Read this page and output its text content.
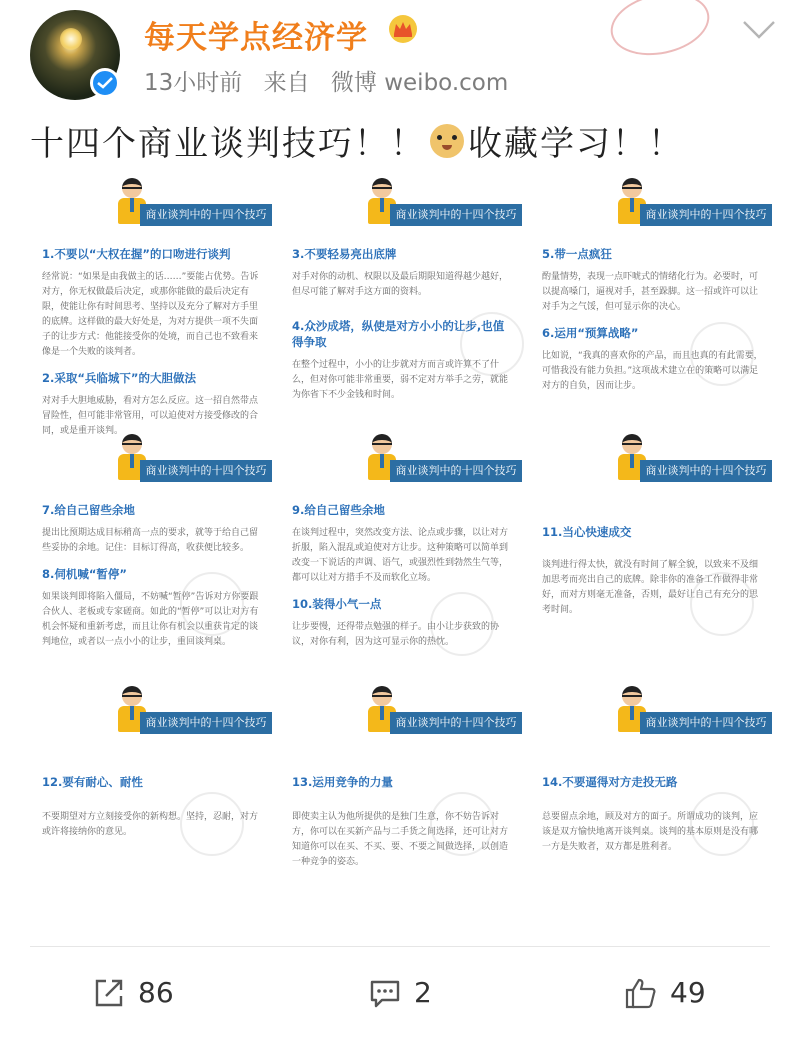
每天学点经济学
13小时前 来自 微博 weibo.com
十四个商业谈判技巧！！ 收藏学习！！
商业谈判中的十四个技巧
1.不要以“大权在握”的口吻进行谈判
经常说：“如果是由我做主的话……”要能占优势。告诉对方，你无权做最后决定，或那你能做的最后决定有限，使能让你有时间思考、坚持以及充分了解对方手里的底牌。这样做的最大好处是，为对方提供一项不失面子的让步方式：他能接受你的处境，而自己也不致看来像是一个失败的谈判者。
2.采取“兵临城下”的大胆做法
对对手大胆地威胁，看对方怎么反应。这一招自然带点冒险性，但可能非常管用，可以迫使对方接受修改的合同，或是重开谈判。
商业谈判中的十四个技巧
7.给自己留些余地
提出比预期达成目标稍高一点的要求，就等于给自己留些妥协的余地。记住：目标订得高，收获便比较多。
8.伺机喊“暂停”
如果谈判即将陷入僵局，不妨喊“暂停”告诉对方你要跟合伙人、老板或专家磋商。如此的“暂停”可以让对方有机会怀疑和重新考虑，而且让你有机会以重获肯定的谈判地位，或者以一点小小的让步，重回谈判桌。
商业谈判中的十四个技巧
12.要有耐心、耐性
不要期望对方立刻接受你的新构想。坚持，忍耐，对方或许将接纳你的意见。
商业谈判中的十四个技巧
3.不要轻易亮出底牌
对手对你的动机、权限以及最后期限知道得越少越好，但尽可能了解对手这方面的资料。
4.众沙成塔，纵使是对方小小的让步,也值得争取
在整个过程中，小小的让步就对方而言或许算不了什么，但对你可能非常重要，弱不定对方举手之劳，就能为你省下不少金钱和时间。
商业谈判中的十四个技巧
9.给自己留些余地
在谈判过程中，突然改变方法、论点或步骤，以让对方折服，陷入混乱或迫使对方让步。这种策略可以简单到改变一下说话的声调、语气，或强烈性到勃然生气等，都可以让对方措手不及而软化立场。
10.装得小气一点
让步要慢，还得带点勉强的样子。由小让步获致的协议，对你有利，因为这可显示你的热忱。
商业谈判中的十四个技巧
13.运用竞争的力量
即使卖主认为他所提供的是独门生意，你不妨告诉对方，你可以在买新产品与二手货之间选择，还可让对方知道你可以在买、不买、要、不要之间做选择，以创造一种竞争的姿态。
商业谈判中的十四个技巧
5.带一点疯狂
酌量情势，表现一点吓唬式的情绪化行为。必要时，可以提高嗓门，逼视对手，甚至跺脚。这一招或许可以让对手为之气馁，但可显示你的决心。
6.运用“预算战略”
比如说，“我真的喜欢你的产品，而且也真的有此需要，可惜我没有能力负担。”这项战术建立在的策略可以满足对方的自负，因而让步。
商业谈判中的十四个技巧
11.当心快速成交
谈判进行得太快，就没有时间了解全貌，以致来不及细加思考而亮出自己的底牌。除非你的准备工作做得非常好，而对方则毫无准备，否则，最好让自己有充分的思考时间。
商业谈判中的十四个技巧
14.不要逼得对方走投无路
总要留点余地，顾及对方的面子。所谓成功的谈判，应该是双方愉快地离开谈判桌。谈判的基本原则是没有哪一方是失败者，双方都是胜利者。
86	2	49
